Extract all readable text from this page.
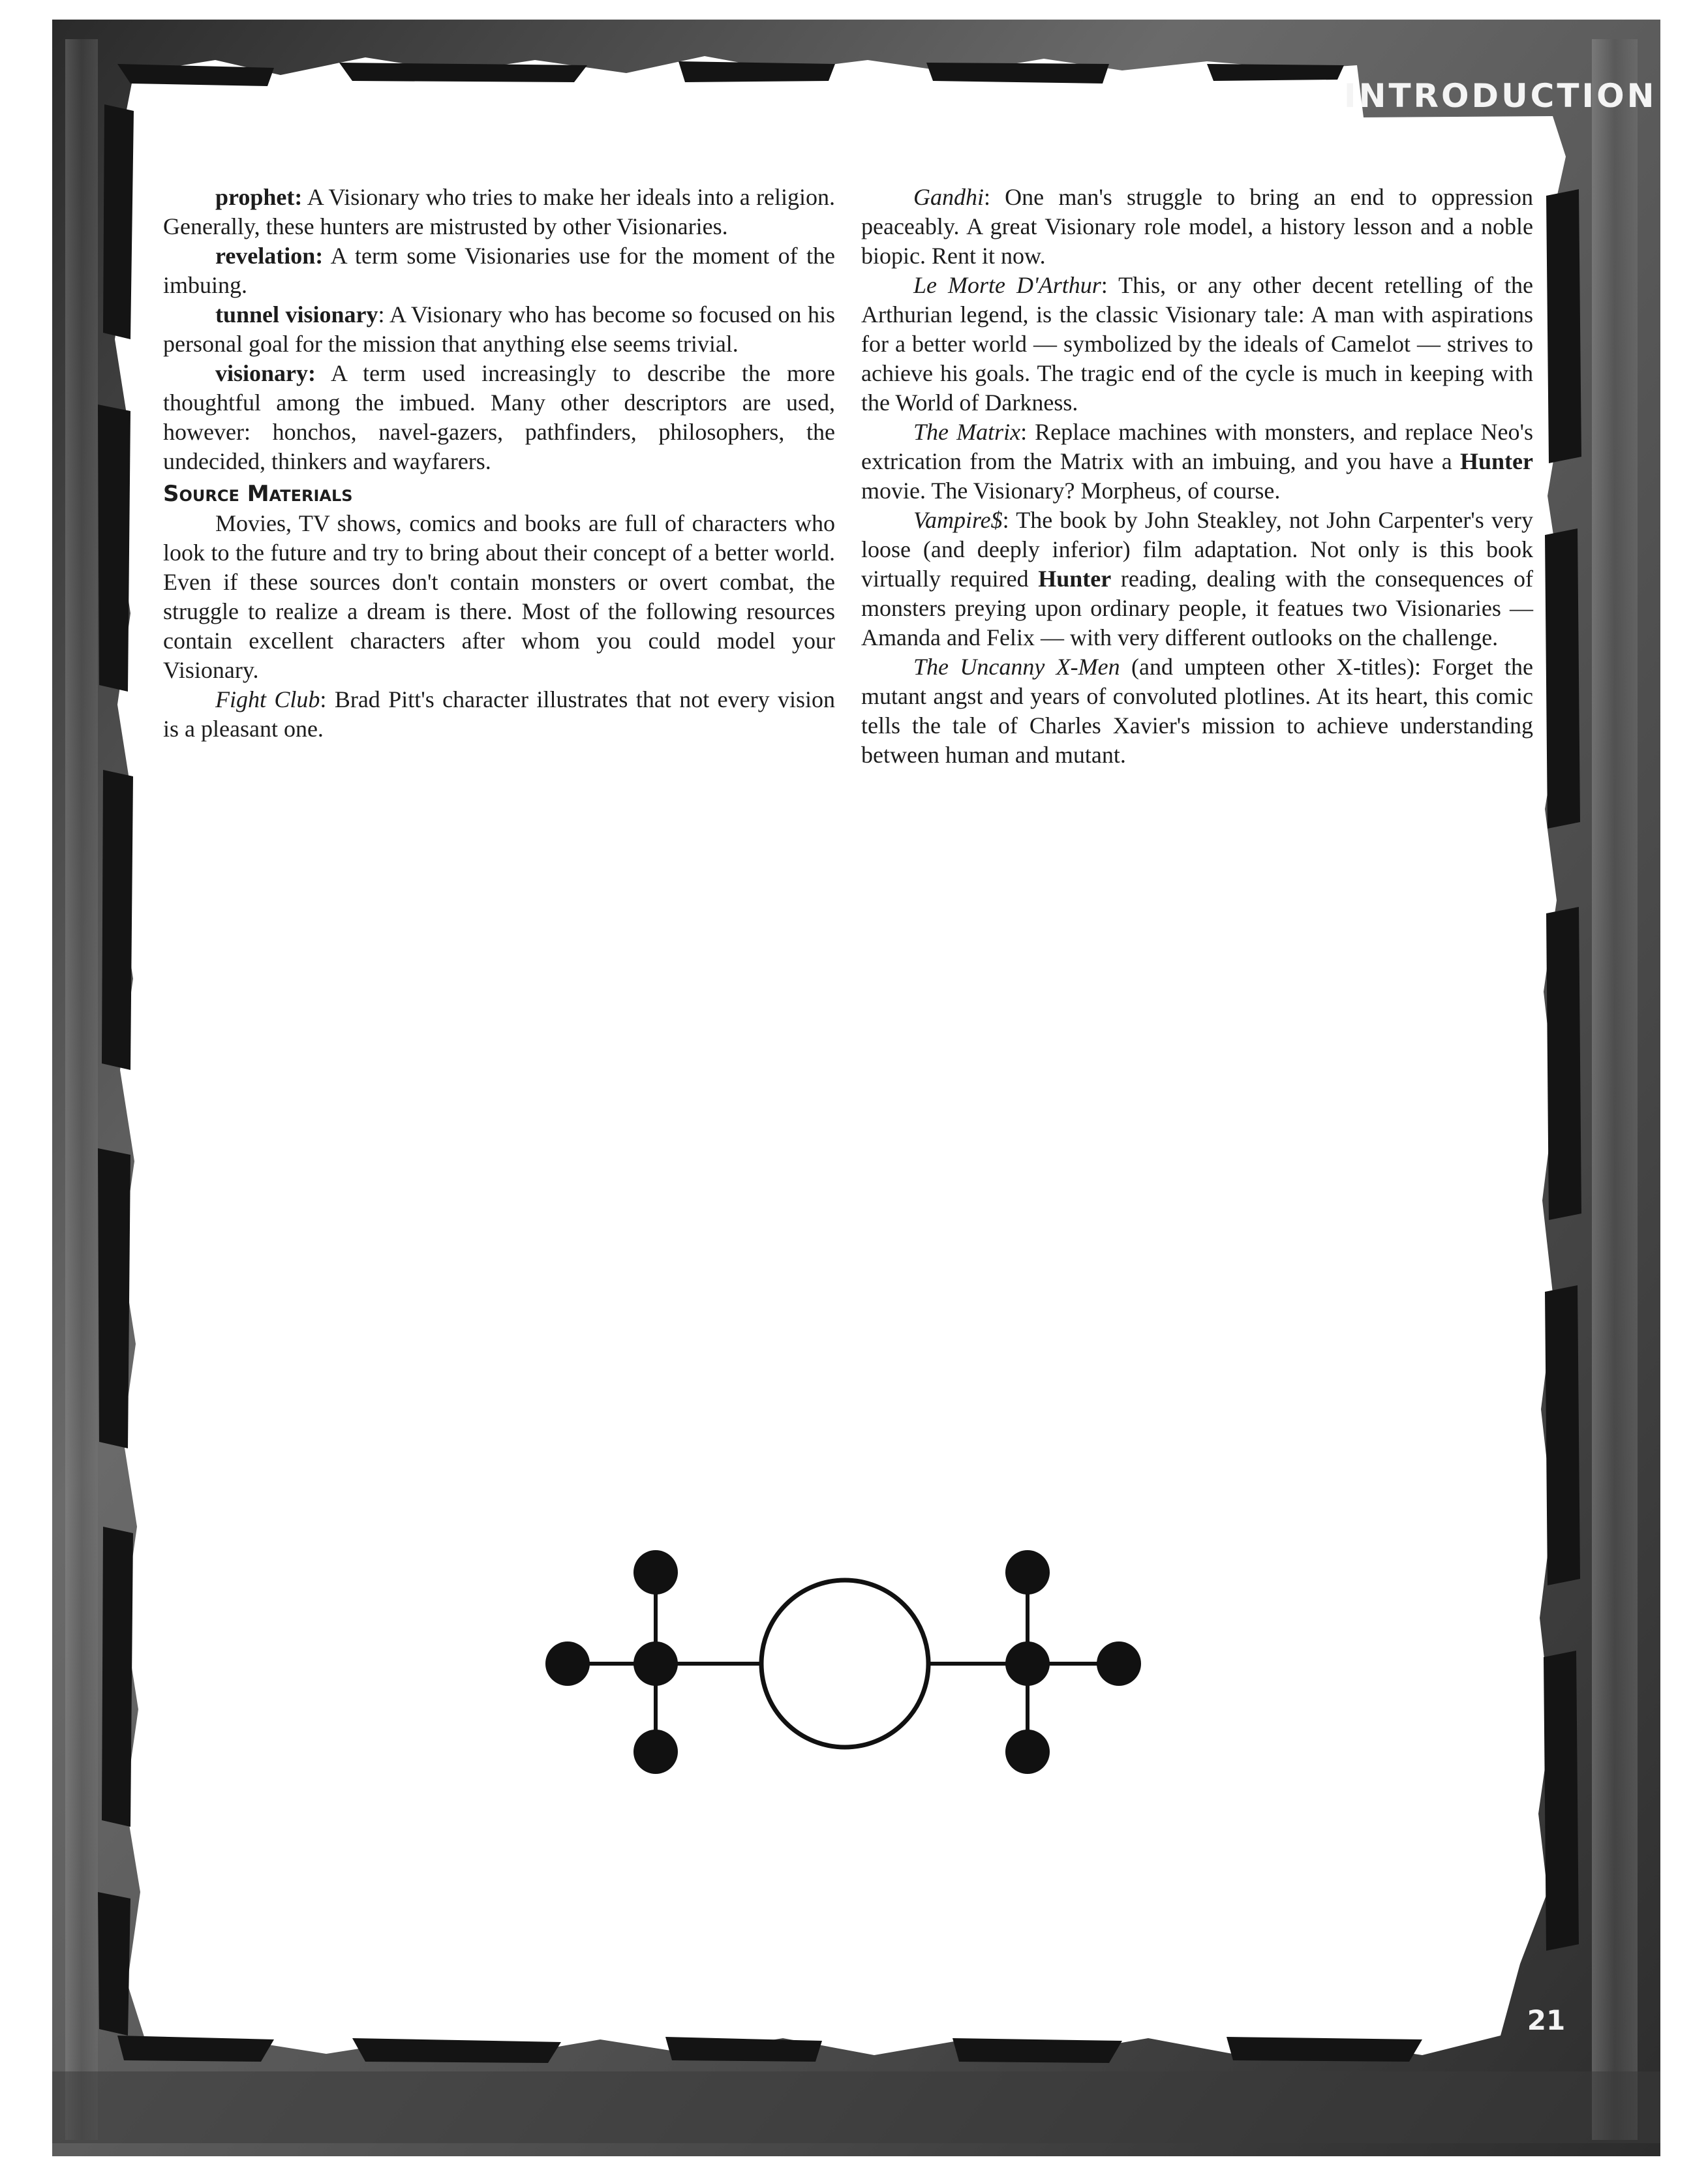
INTRODUCTION
21

prophet: A Visionary who tries to make her ideals into a religion. Generally, these hunters are mistrusted by other Visionaries.

revelation: A term some Visionaries use for the moment of the imbuing.

tunnel visionary: A Visionary who has become so focused on his personal goal for the mission that anything else seems trivial.

visionary: A term used increasingly to describe the more thoughtful among the imbued. Many other descriptors are used, however: honchos, navel-gazers, pathfinders, philosophers, the undecided, thinkers and wayfarers.

Source Materials

Movies, TV shows, comics and books are full of characters who look to the future and try to bring about their concept of a better world. Even if these sources don't contain monsters or overt combat, the struggle to realize a dream is there. Most of the following resources contain excellent characters after whom you could model your Visionary.

Fight Club: Brad Pitt's character illustrates that not every vision is a pleasant one.

Gandhi: One man's struggle to bring an end to oppression peaceably. A great Visionary role model, a history lesson and a noble biopic. Rent it now.

Le Morte D'Arthur: This, or any other decent retelling of the Arthurian legend, is the classic Visionary tale: A man with aspirations for a better world — symbolized by the ideals of Camelot — strives to achieve his goals. The tragic end of the cycle is much in keeping with the World of Darkness.

The Matrix: Replace machines with monsters, and replace Neo's extrication from the Matrix with an imbuing, and you have a Hunter movie. The Visionary? Morpheus, of course.

Vampire$: The book by John Steakley, not John Carpenter's very loose (and deeply inferior) film adaptation. Not only is this book virtually required Hunter reading, dealing with the consequences of monsters preying upon ordinary people, it featues two Visionaries — Amanda and Felix — with very different outlooks on the challenge.

The Uncanny X-Men (and umpteen other X-titles): Forget the mutant angst and years of convoluted plotlines. At its heart, this comic tells the tale of Charles Xavier's mission to achieve understanding between human and mutant.
